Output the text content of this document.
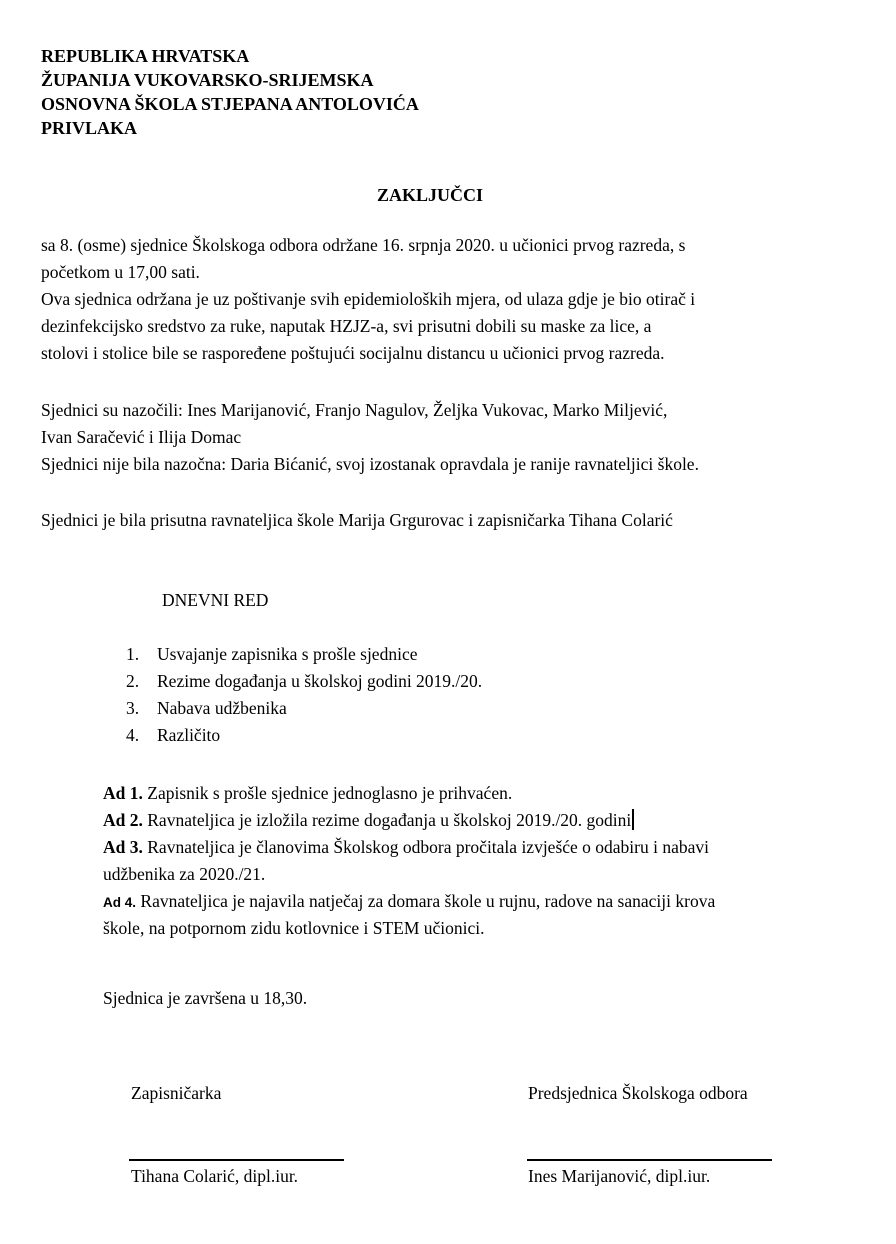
REPUBLIKA HRVATSKA
ŽUPANIJA VUKOVARSKO-SRIJEMSKA
OSNOVNA ŠKOLA STJEPANA ANTOLOVIĆA
PRIVLAKA
ZAKLJUČCI
sa 8. (osme) sjednice Školskoga odbora održane 16. srpnja 2020. u učionici prvog razreda, s
početkom u 17,00 sati.
Ova sjednica održana je uz poštivanje svih epidemioloških mjera, od ulaza gdje je bio otirač i
dezinfekcijsko sredstvo za ruke, naputak HZJZ-a, svi prisutni dobili su maske za lice, a
stolovi i stolice bile se raspoređene poštujući socijalnu distancu u učionici prvog razreda.
Sjednici su nazočili: Ines Marijanović, Franjo Nagulov, Željka Vukovac, Marko Miljević,
Ivan Saračević i Ilija Domac
Sjednici nije bila nazočna: Daria Bićanić, svoj izostanak opravdala je ranije ravnateljici škole.
Sjednici je bila prisutna ravnateljica škole Marija Grgurovac i zapisničarka Tihana Colarić
DNEVNI RED
1. Usvajanje zapisnika s prošle sjednice
2. Rezime događanja u školskoj godini 2019./20.
3. Nabava udžbenika
4. Različito
Ad 1. Zapisnik s prošle sjednice jednoglasno je prihvaćen.
Ad 2. Ravnateljica je izložila rezime događanja u školskoj 2019./20. godini
Ad 3. Ravnateljica je članovima Školskog odbora pročitala izvješće o odabiru i nabavi
udžbenika za 2020./21.
Ad 4. Ravnateljica je najavila natječaj za domara škole u rujnu, radove na sanaciji krova
škole, na potpornom zidu kotlovnice i STEM učionici.
Sjednica je završena u 18,30.
Zapisničarka	Predsjednica Školskoga odbora
Tihana Colarić, dipl.iur.	Ines Marijanović, dipl.iur.
